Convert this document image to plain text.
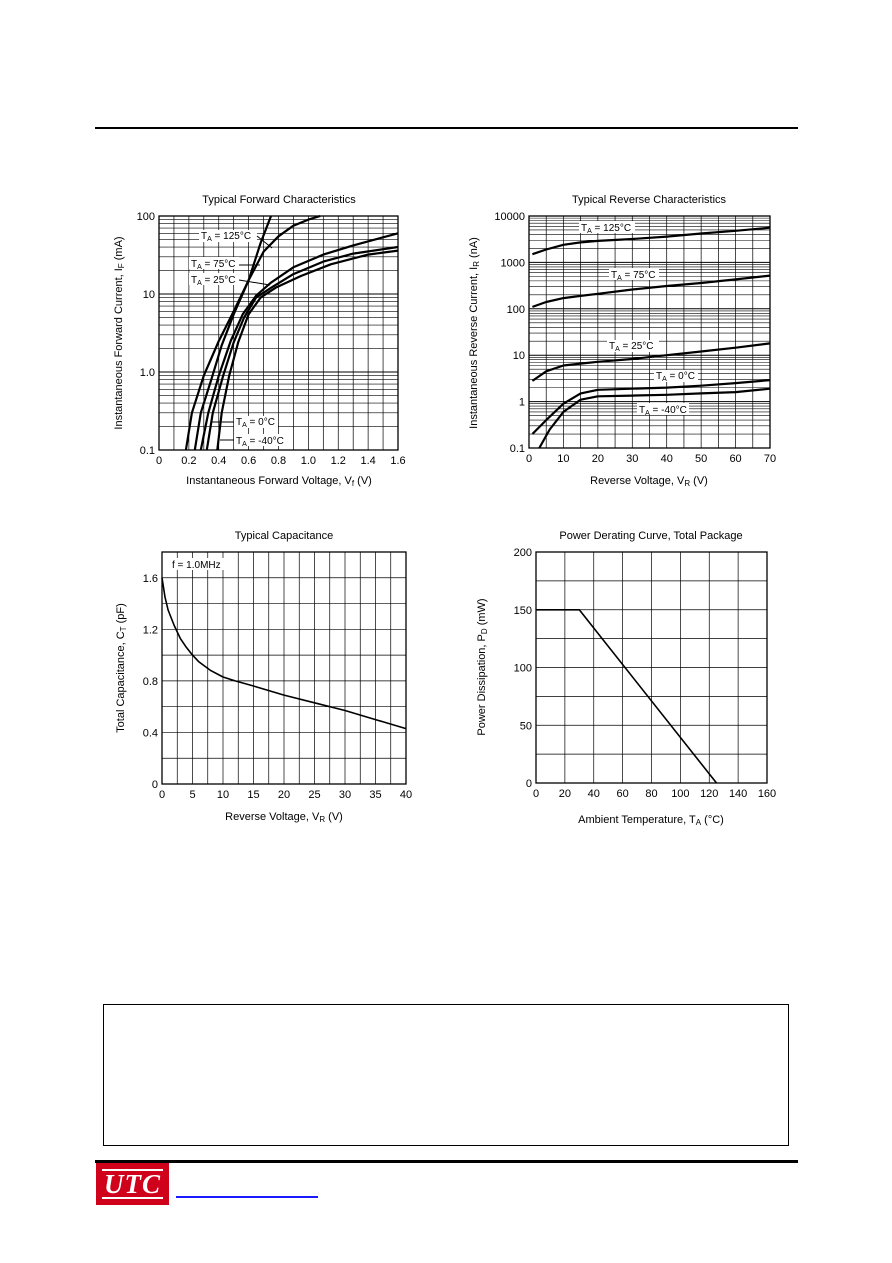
Typical Forward Characteristics
0 0.2 0.4 0.6 0.8 1.0 1.2 1.4 1.6
0.1
1.0
10
100
Instantaneous Forward Voltage, Vf (V)
Instantaneous Forward Current, IF (mA)	$T_A = 125^\circ C$
$T_A = 75^\circ C$
$T_A = 25^\circ C$
$T_A = 0^\circ C$
$T_A = -40^\circ C$
Typical Reverse Characteristics
0 10 20 30 40 50 60 70
0.1
1
10
100
1000
10000
Reverse Voltage, VR (V)
Instantaneous Reverse Current, IR (nA)
$T_A = 125^\circ C$
$T_A = 75^\circ C$
$T_A = 25^\circ C$
$T_A = 0^\circ C$
$T_A = -40^\circ C$
Typical Capacitance
0 5 10 15 20 25 30 35 40
0
0.4
0.8
1.2
1.6
Reverse Voltage, VR (V)
Total Capacitance, CT (pF)
f = 1.0MHz
Power Derating Curve, Total Package
0 20 40 60 80 100 120 140 160
0
50
100
150
200
Ambient Temperature, TA (°C)
Power Dissipation, PD (mW)
UTC
